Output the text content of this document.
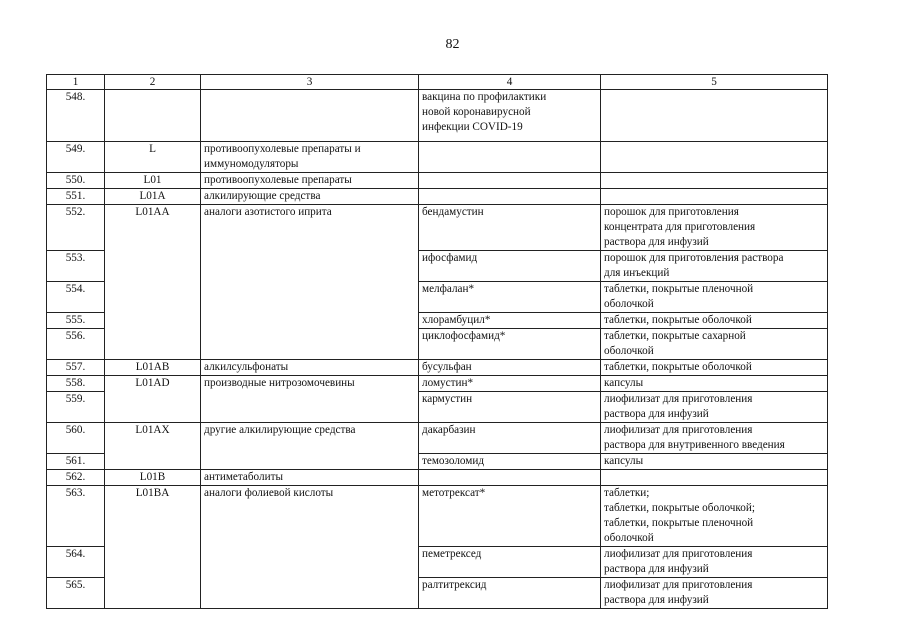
82
1	2	3	4	5
548.			вакцина по профилактики
новой коронавирусной
инфекции COVID-19	
549.	L	противоопухолевые препараты и
иммуномодуляторы		
550.	L01	противоопухолевые препараты		
551.	L01A	алкилирующие средства		
552.	L01AA	аналоги азотистого иприта	бендамустин	порошок для приготовления
концентрата для приготовления
раствора для инфузий
553.			ифосфамид	порошок для приготовления раствора
для инъекций
554.			мелфалан*	таблетки, покрытые пленочной
оболочкой
555.			хлорамбуцил*	таблетки, покрытые оболочкой
556.			циклофосфамид*	таблетки, покрытые сахарной
оболочкой
557.	L01AB	алкилсульфонаты	бусульфан	таблетки, покрытые оболочкой
558.	L01AD	производные нитрозомочевины	ломустин*	капсулы
559.			кармустин	лиофилизат для приготовления
раствора для инфузий
560.	L01AX	другие алкилирующие средства	дакарбазин	лиофилизат для приготовления
раствора для внутривенного введения
561.			темозоломид	капсулы
562.	L01B	антиметаболиты		
563.	L01BA	аналоги фолиевой кислоты	метотрексат*	таблетки;
таблетки, покрытые оболочкой;
таблетки, покрытые пленочной
оболочкой
564.			пеметрексед	лиофилизат для приготовления
раствора для инфузий
565.			ралтитрексид	лиофилизат для приготовления
раствора для инфузий
